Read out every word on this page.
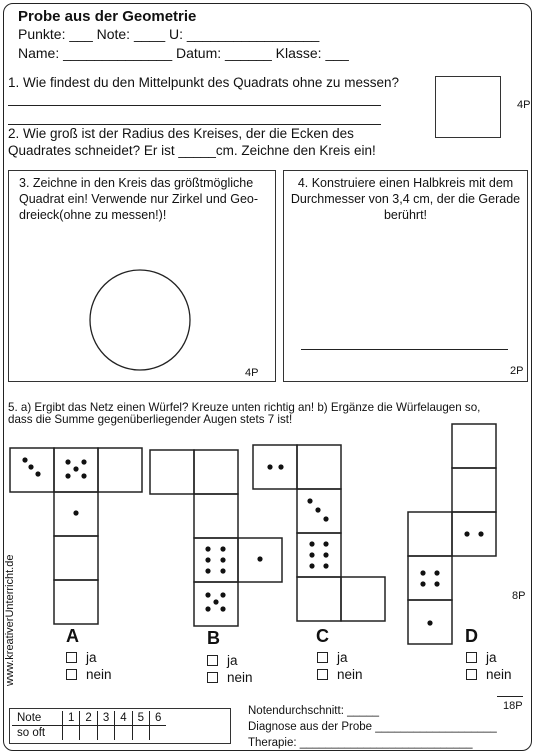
Probe aus der Geometrie
Punkte: ___ Note: ____ U: _________________
Name: ______________ Datum: ______ Klasse: ___
1. Wie findest du den Mittelpunkt des Quadrats ohne zu messen?
4P
2. Wie groß ist der Radius des Kreises, der die Ecken des
Quadrates schneidet? Er ist _____cm. Zeichne den Kreis ein!
3. Zeichne in den Kreis das größtmögliche
Quadrat ein! Verwende nur Zirkel und Geo-
dreieck(ohne zu messen!)!
4P
4. Konstruiere einen Halbkreis mit dem
Durchmesser von 3,4 cm, der die Gerade
berührt!
2P
5. a) Ergibt das Netz einen Würfel? Kreuze unten richtig an! b) Ergänze die Würfelaugen so,
dass die Summe gegenüberliegender Augen stets 7 ist!
8P
A
ja
nein
B
ja
nein
C
ja
nein
D
ja
nein
18P
www.kreativerUnterricht.de
Note	1	2	3	4	5	6
so oft						
Notendurchschnitt: _____
Diagnose aus der Probe ___________________
Therapie: ___________________________
